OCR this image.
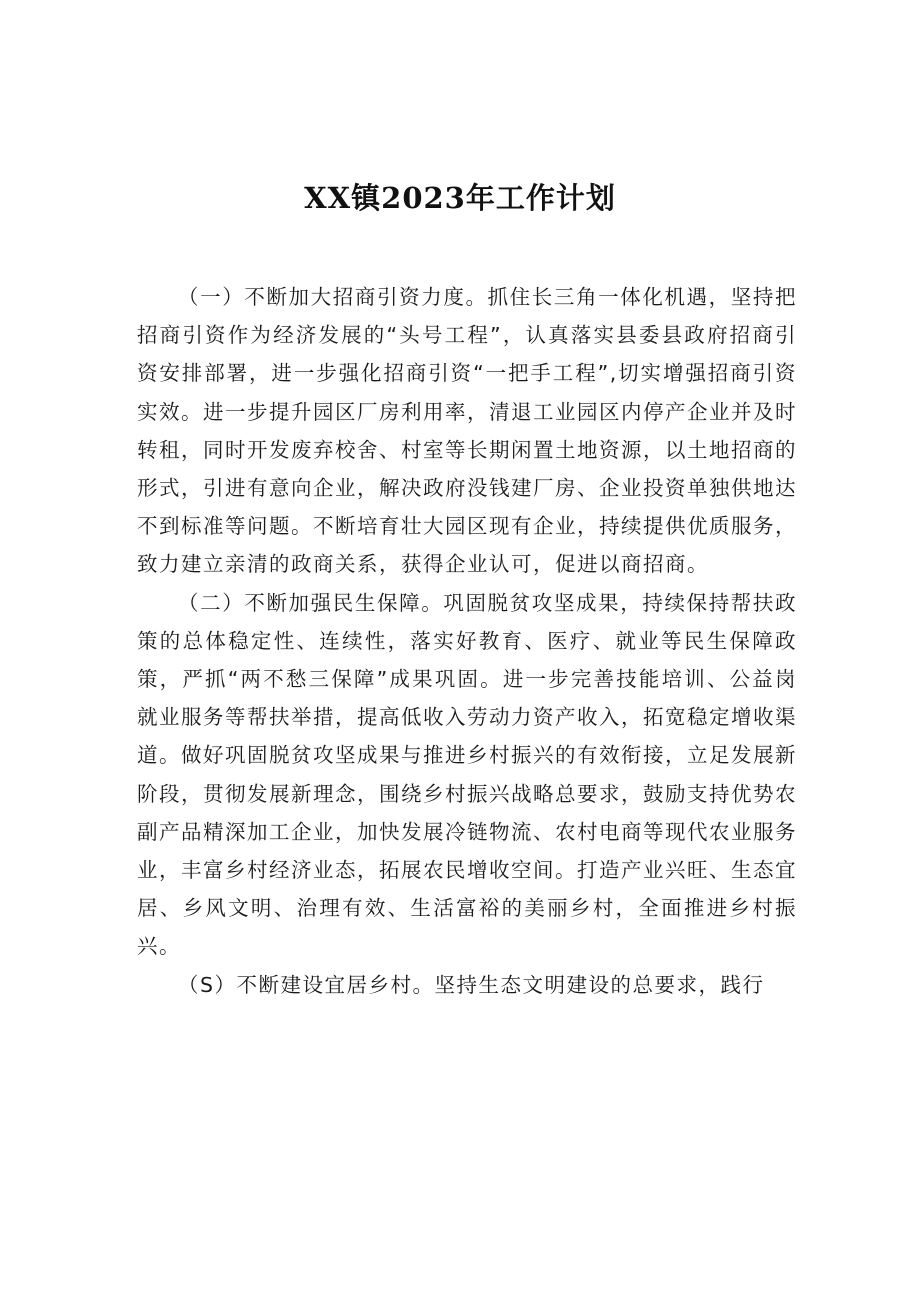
XX镇2023年工作计划

（一）不断加大招商引资力度。抓住长三角一体化机遇，坚持把招商引资作为经济发展的“头号工程”，认真落实县委县政府招商引资安排部署，进一步强化招商引资“一把手工程”,切实增强招商引资实效。进一步提升园区厂房利用率，清退工业园区内停产企业并及时转租，同时开发废弃校舍、村室等长期闲置土地资源，以土地招商的形式，引进有意向企业，解决政府没钱建厂房、企业投资单独供地达不到标准等问题。不断培育壮大园区现有企业，持续提供优质服务，致力建立亲清的政商关系，获得企业认可，促进以商招商。

（二）不断加强民生保障。巩固脱贫攻坚成果，持续保持帮扶政策的总体稳定性、连续性，落实好教育、医疗、就业等民生保障政策，严抓“两不愁三保障”成果巩固。进一步完善技能培训、公益岗就业服务等帮扶举措，提高低收入劳动力资产收入，拓宽稳定增收渠道。做好巩固脱贫攻坚成果与推进乡村振兴的有效衔接，立足发展新阶段，贯彻发展新理念，围绕乡村振兴战略总要求，鼓励支持优势农副产品精深加工企业，加快发展冷链物流、农村电商等现代农业服务业，丰富乡村经济业态，拓展农民增收空间。打造产业兴旺、生态宜居、乡风文明、治理有效、生活富裕的美丽乡村，全面推进乡村振兴。

（S）不断建设宜居乡村。坚持生态文明建设的总要求，践行
